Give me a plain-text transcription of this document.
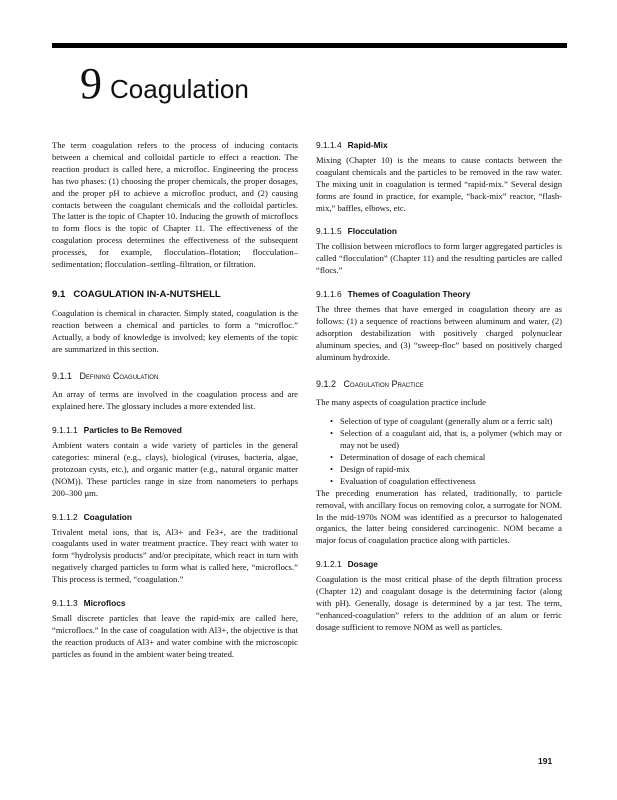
9 Coagulation

The term coagulation refers to the process of inducing contacts between a chemical and colloidal particle to effect a reaction. The reaction product is called here, a microfloc. Engineering the process has two phases: (1) choosing the proper chemicals, the proper dosages, and the proper pH to achieve a microfloc product, and (2) causing contacts between the coagulant chemicals and the colloidal particles. The latter is the topic of Chapter 10. Inducing the growth of microflocs to form flocs is the topic of Chapter 11. The effectiveness of the coagulation process determines the effectiveness of the subsequent processes, for example, flocculation–flotation; flocculation–sedimentation; flocculation–settling–filtration, or filtration.

9.1 COAGULATION IN-A-NUTSHELL

Coagulation is chemical in character. Simply stated, coagulation is the reaction between a chemical and particles to form a “microfloc.” Actually, a body of knowledge is involved; key elements of the topic are summarized in this section.

9.1.1 Defining Coagulation

An array of terms are involved in the coagulation process and are explained here. The glossary includes a more extended list.

9.1.1.1 Particles to Be Removed

Ambient waters contain a wide variety of particles in the general categories: mineral (e.g., clays), biological (viruses, bacteria, algae, protozoan cysts, etc.), and organic matter (e.g., natural organic matter (NOM)). These particles range in size from nanometers to perhaps 200–300 µm.

9.1.1.2 Coagulation

Trivalent metal ions, that is, Al3+ and Fe3+, are the traditional coagulants used in water treatment practice. They react with water to form “hydrolysis products” and/or precipitate, which react in turn with negatively charged particles to form what is called here, “microflocs.” This process is termed, “coagulation.”

9.1.1.3 Microflocs

Small discrete particles that leave the rapid-mix are called here, “microflocs.” In the case of coagulation with Al3+, the objective is that the reaction products of Al3+ and water combine with the microscopic particles as found in the ambient water being treated.

9.1.1.4 Rapid-Mix

Mixing (Chapter 10) is the means to cause contacts between the coagulant chemicals and the particles to be removed in the raw water. The mixing unit in coagulation is termed “rapid-mix.” Several design forms are found in practice, for example, “back-mix” reactor, “flash-mix,” baffles, elbows, etc.

9.1.1.5 Flocculation

The collision between microflocs to form larger aggregated particles is called “flocculation” (Chapter 11) and the resulting particles are called “flocs.”

9.1.1.6 Themes of Coagulation Theory

The three themes that have emerged in coagulation theory are as follows: (1) a sequence of reactions between aluminum and water, (2) adsorption destabilization with positively charged polynuclear aluminum species, and (3) “sweep-floc” based on positively charged aluminum hydroxide.

9.1.2 Coagulation Practice

The many aspects of coagulation practice include

• Selection of type of coagulant (generally alum or a ferric salt)
• Selection of a coagulant aid, that is, a polymer (which may or may not be used)
• Determination of dosage of each chemical
• Design of rapid-mix
• Evaluation of coagulation effectiveness

The preceding enumeration has related, traditionally, to particle removal, with ancillary focus on removing color, a surrogate for NOM. In the mid-1970s NOM was identified as a precursor to halogenated organics, the latter being considered carcinogenic. NOM became a major focus of coagulation practice along with particles.

9.1.2.1 Dosage

Coagulation is the most critical phase of the depth filtration process (Chapter 12) and coagulant dosage is the determining factor (along with pH). Generally, dosage is determined by a jar test. The term, “enhanced-coagulation” refers to the addition of an alum or ferric dosage sufficient to remove NOM as well as particles.

191
